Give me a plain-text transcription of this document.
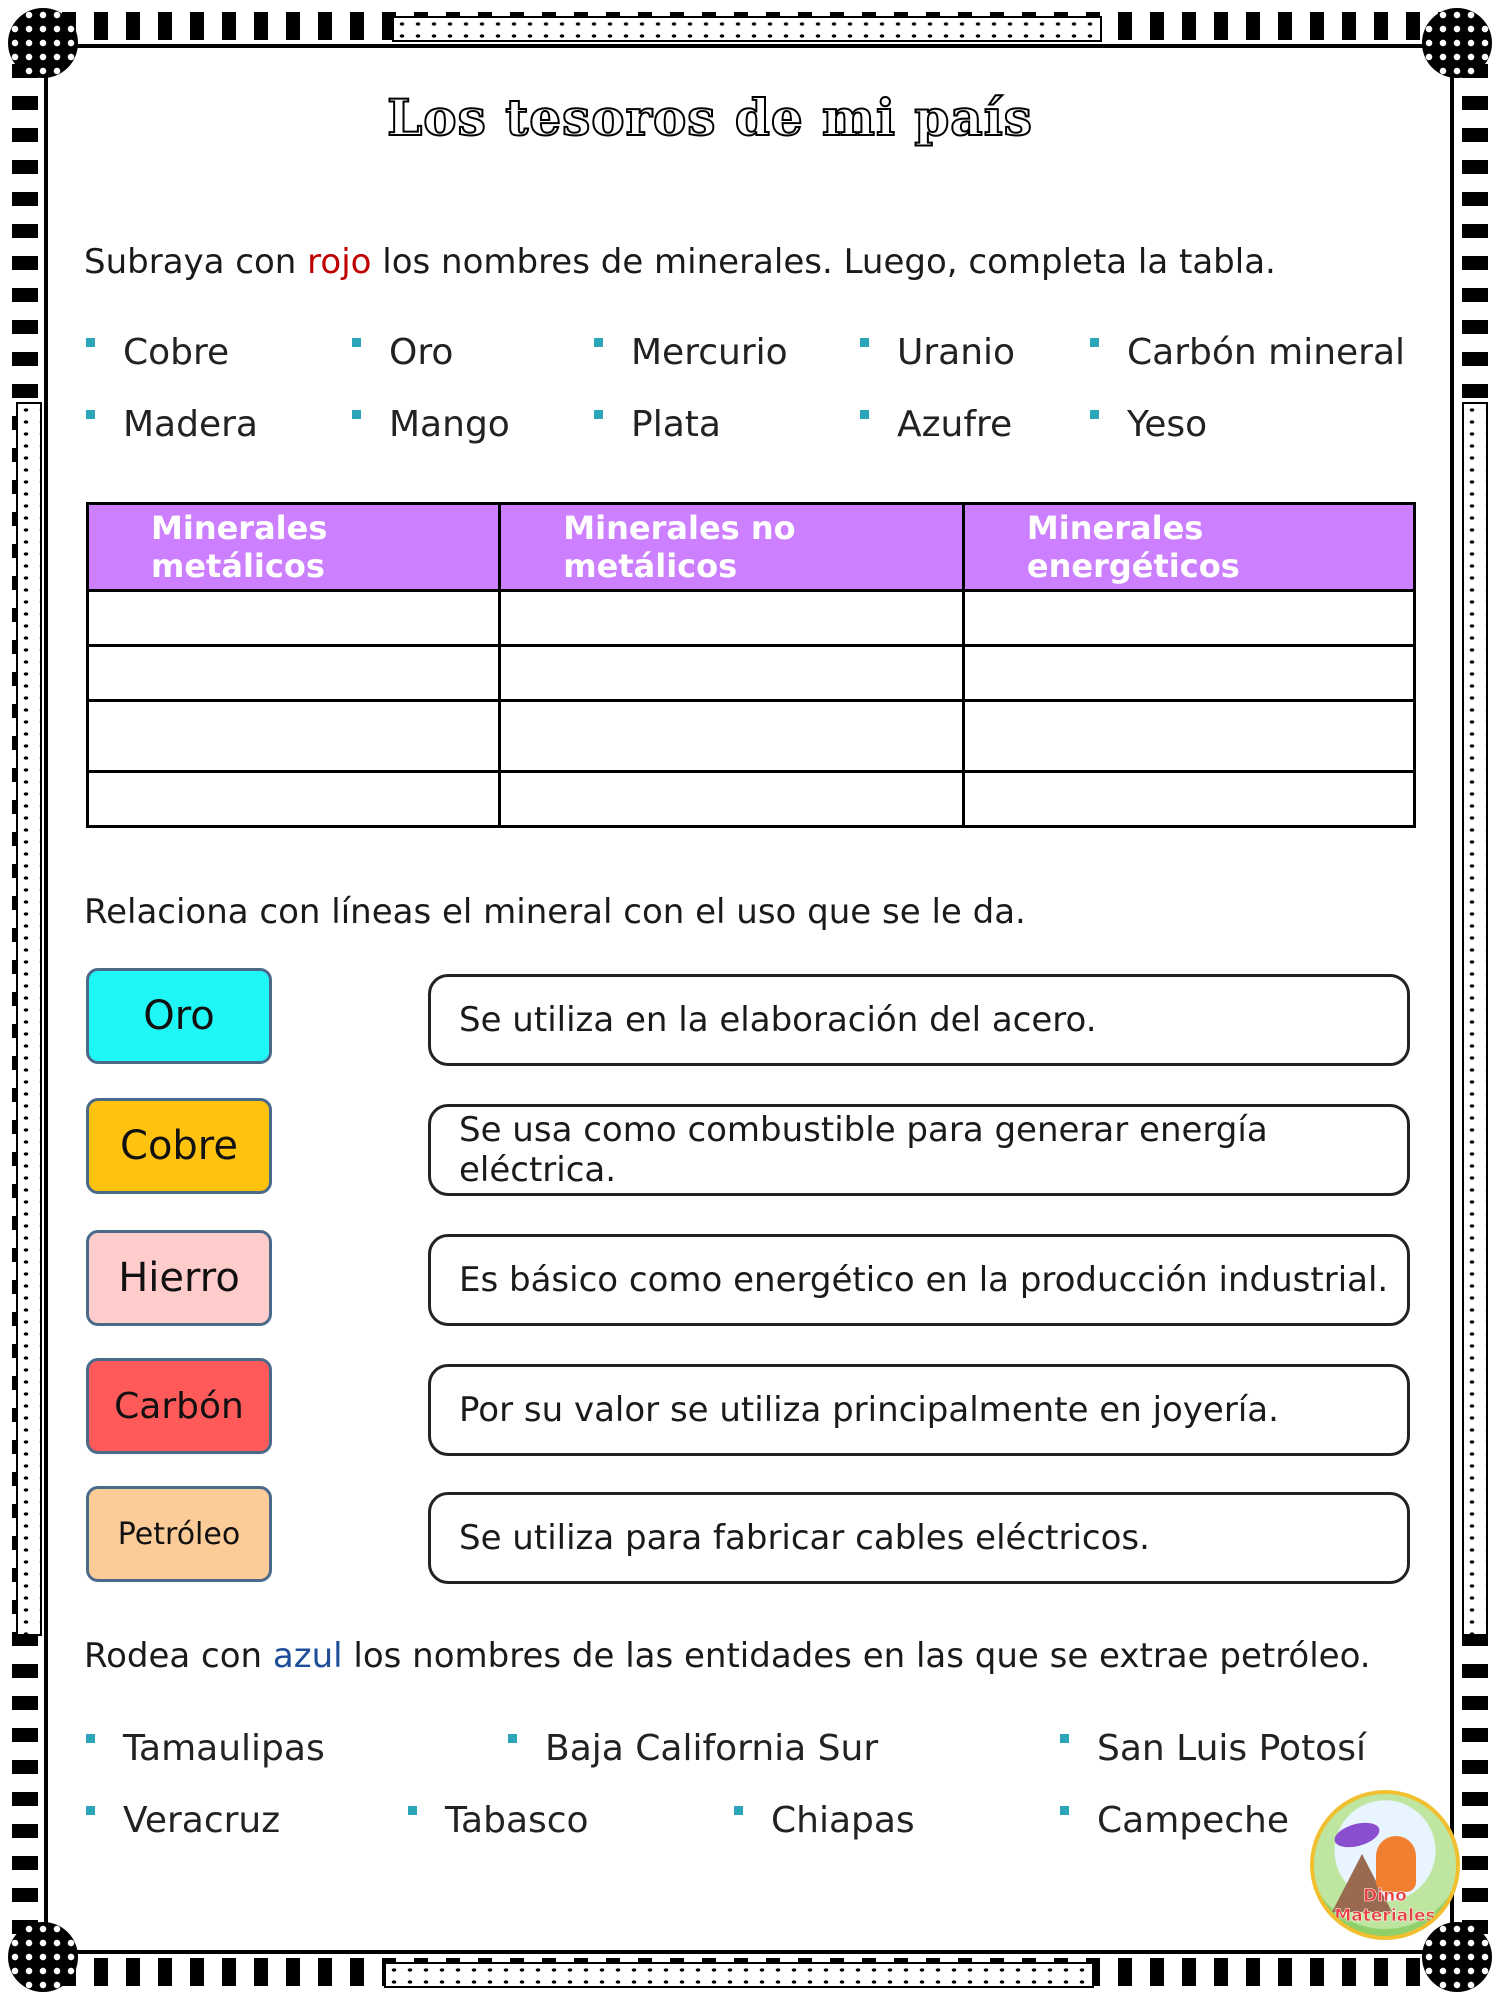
Los tesoros de mi país
Subraya con rojo los nombres de minerales. Luego, completa la tabla.
Cobre	Oro	Mercurio	Uranio	Carbón mineral
Madera	Mango	Plata	Azufre	Yeso
Minerales metálicos	Minerales no metálicos	Minerales energéticos

Relaciona con líneas el mineral con el uso que se le da.
Oro
Cobre
Hierro
Carbón
Petróleo
Se utiliza en la elaboración del acero.
Se usa como combustible para generar energía eléctrica.
Es básico como energético en la producción industrial.
Por su valor se utiliza principalmente en joyería.
Se utiliza para fabricar cables eléctricos.
Rodea con azul los nombres de las entidades en las que se extrae petróleo.
Tamaulipas	Baja California Sur	San Luis Potosí
Veracruz	Tabasco	Chiapas	Campeche
Dino Materiales
